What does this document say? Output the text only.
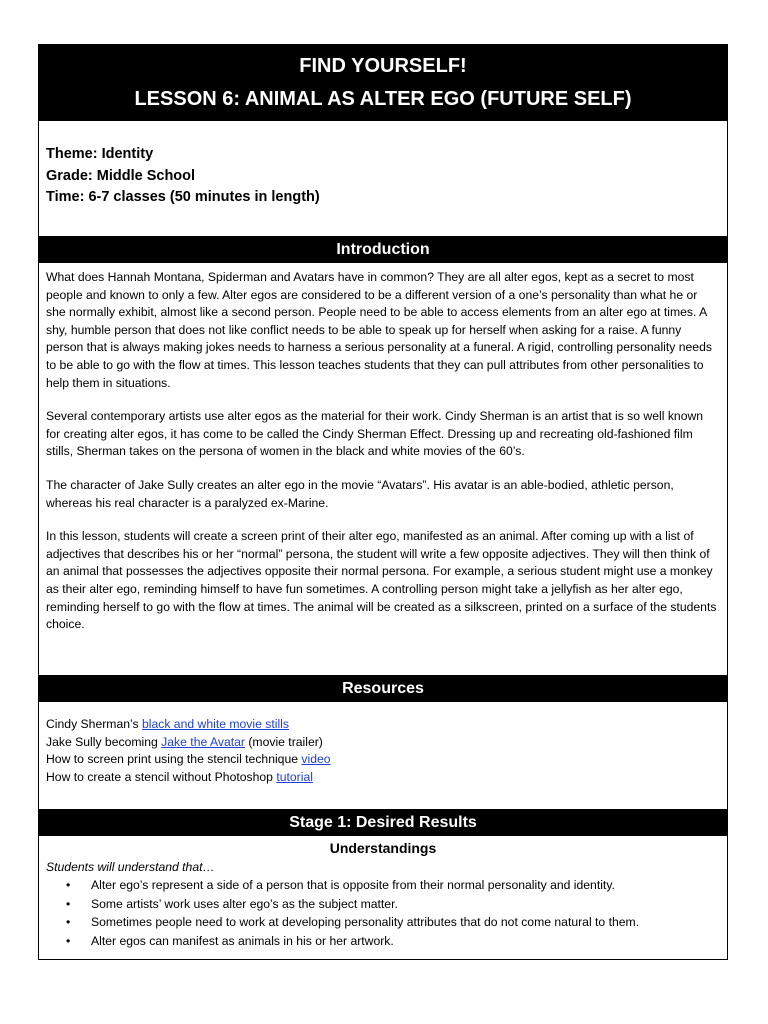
FIND YOURSELF!
LESSON 6: ANIMAL AS ALTER EGO (FUTURE SELF)
Theme: Identity
Grade: Middle School
Time: 6-7 classes (50 minutes in length)
Introduction

What does Hannah Montana, Spiderman and Avatars have in common? They are all alter egos, kept as a secret to most people and known to only a few. Alter egos are considered to be a different version of a one’s personality than what he or she normally exhibit, almost like a second person. People need to be able to access elements from an alter ego at times. A shy, humble person that does not like conflict needs to be able to speak up for herself when asking for a raise. A funny person that is always making jokes needs to harness a serious personality at a funeral. A rigid, controlling personality needs to be able to go with the flow at times. This lesson teaches students that they can pull attributes from other personalities to help them in situations.

Several contemporary artists use alter egos as the material for their work. Cindy Sherman is an artist that is so well known for creating alter egos, it has come to be called the Cindy Sherman Effect. Dressing up and recreating old-fashioned film stills, Sherman takes on the persona of women in the black and white movies of the 60’s.

The character of Jake Sully creates an alter ego in the movie “Avatars”. His avatar is an able-bodied, athletic person, whereas his real character is a paralyzed ex-Marine.

In this lesson, students will create a screen print of their alter ego, manifested as an animal. After coming up with a list of adjectives that describes his or her “normal” persona, the student will write a few opposite adjectives. They will then think of an animal that possesses the adjectives opposite their normal persona. For example, a serious student might use a monkey as their alter ego, reminding himself to have fun sometimes. A controlling person might take a jellyfish as her alter ego, reminding herself to go with the flow at times. The animal will be created as a silkscreen, printed on a surface of the students choice.

Resources
Cindy Sherman’s black and white movie stills
Jake Sully becoming Jake the Avatar (movie trailer)
How to screen print using the stencil technique video
How to create a stencil without Photoshop tutorial
Stage 1: Desired Results
Understandings
Students will understand that…
• Alter ego’s represent a side of a person that is opposite from their normal personality and identity.
• Some artists’ work uses alter ego’s as the subject matter.
• Sometimes people need to work at developing personality attributes that do not come natural to them.
• Alter egos can manifest as animals in his or her artwork.
